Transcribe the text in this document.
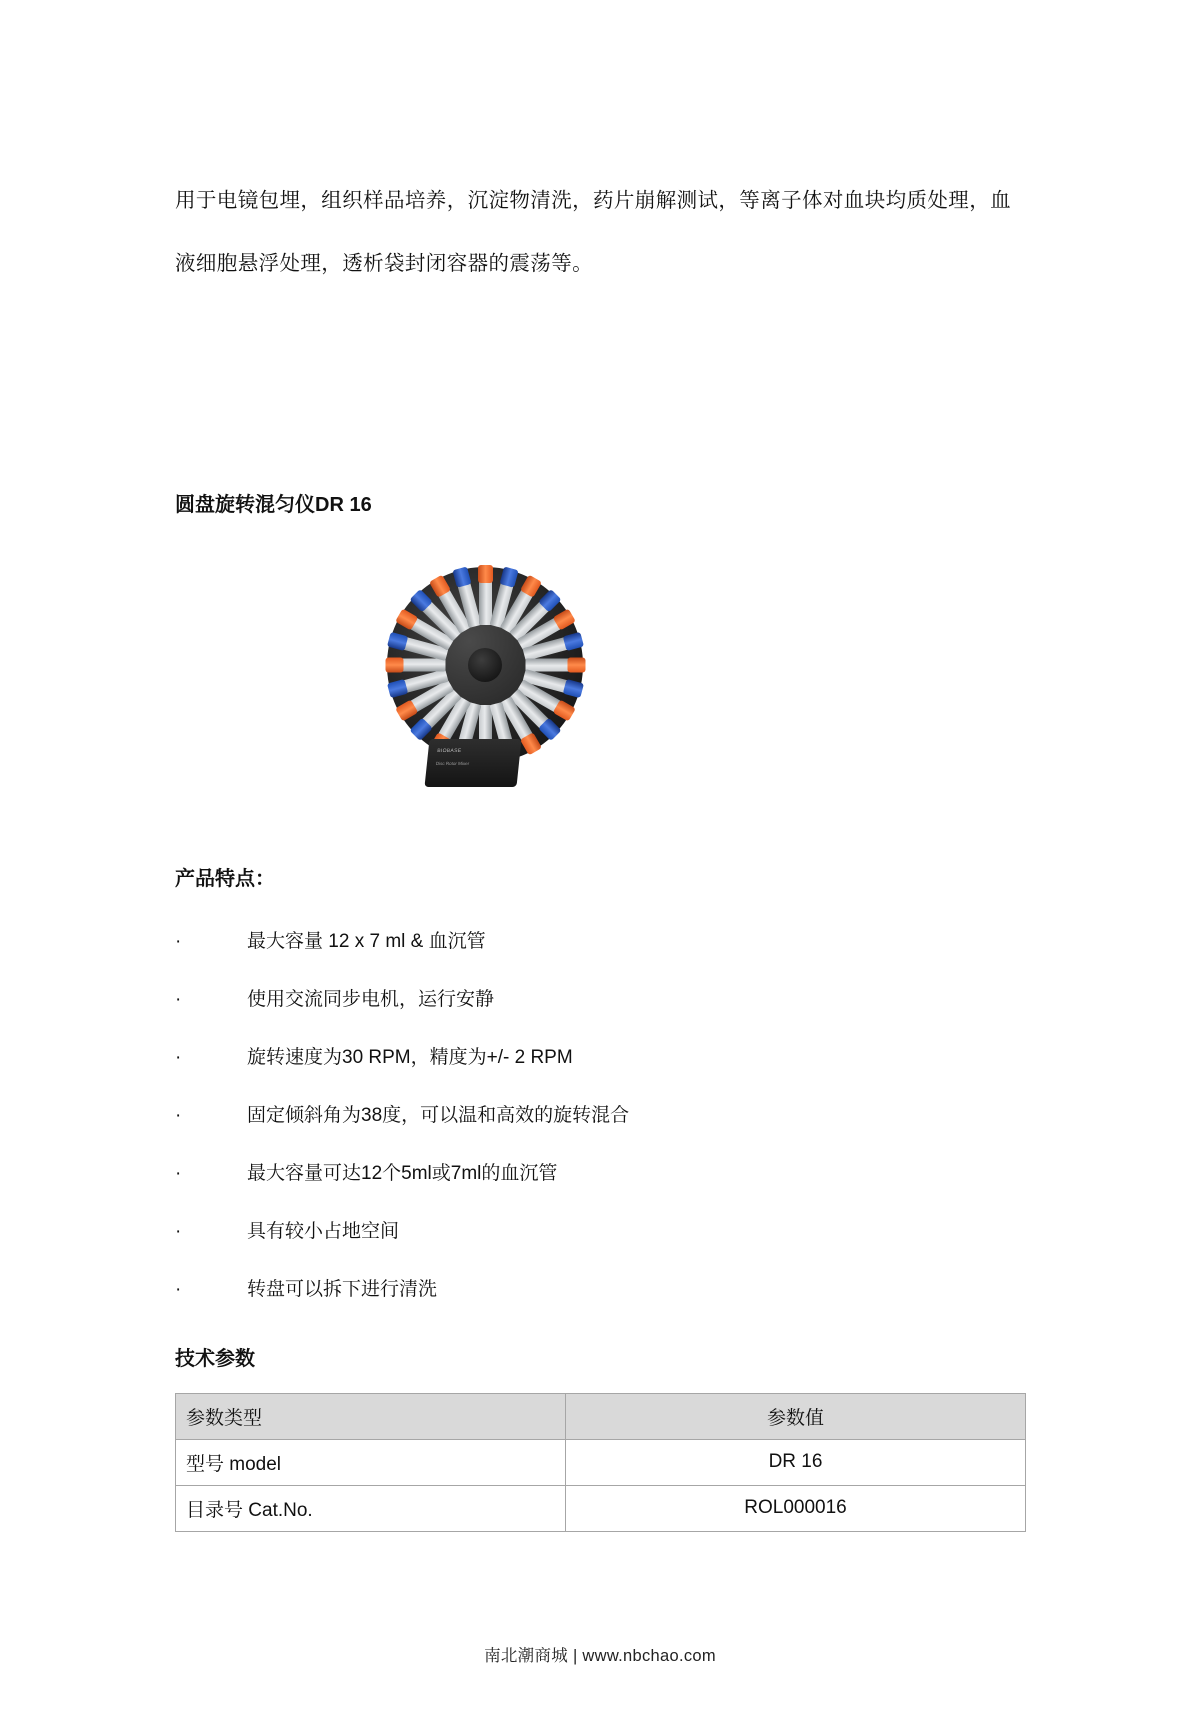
用于电镜包埋，组织样品培养，沉淀物清洗，药片崩解测试，等离子体对血块均质处理，血液细胞悬浮处理，透析袋封闭容器的震荡等。

圆盘旋转混匀仪DR 16
BIOBASE
Disc Rotor Mixer
产品特点：
·	最大容量 12 x 7 ml & 血沉管
·	使用交流同步电机，运行安静
·	旋转速度为30 RPM，精度为+/- 2 RPM
·	固定倾斜角为38度，可以温和高效的旋转混合
·	最大容量可达12个5ml或7ml的血沉管
·	具有较小占地空间
·	转盘可以拆下进行清洗
技术参数
参数类型	参数值
型号 model	DR 16
目录号 Cat.No.	ROL000016
南北潮商城 | www.nbchao.com
